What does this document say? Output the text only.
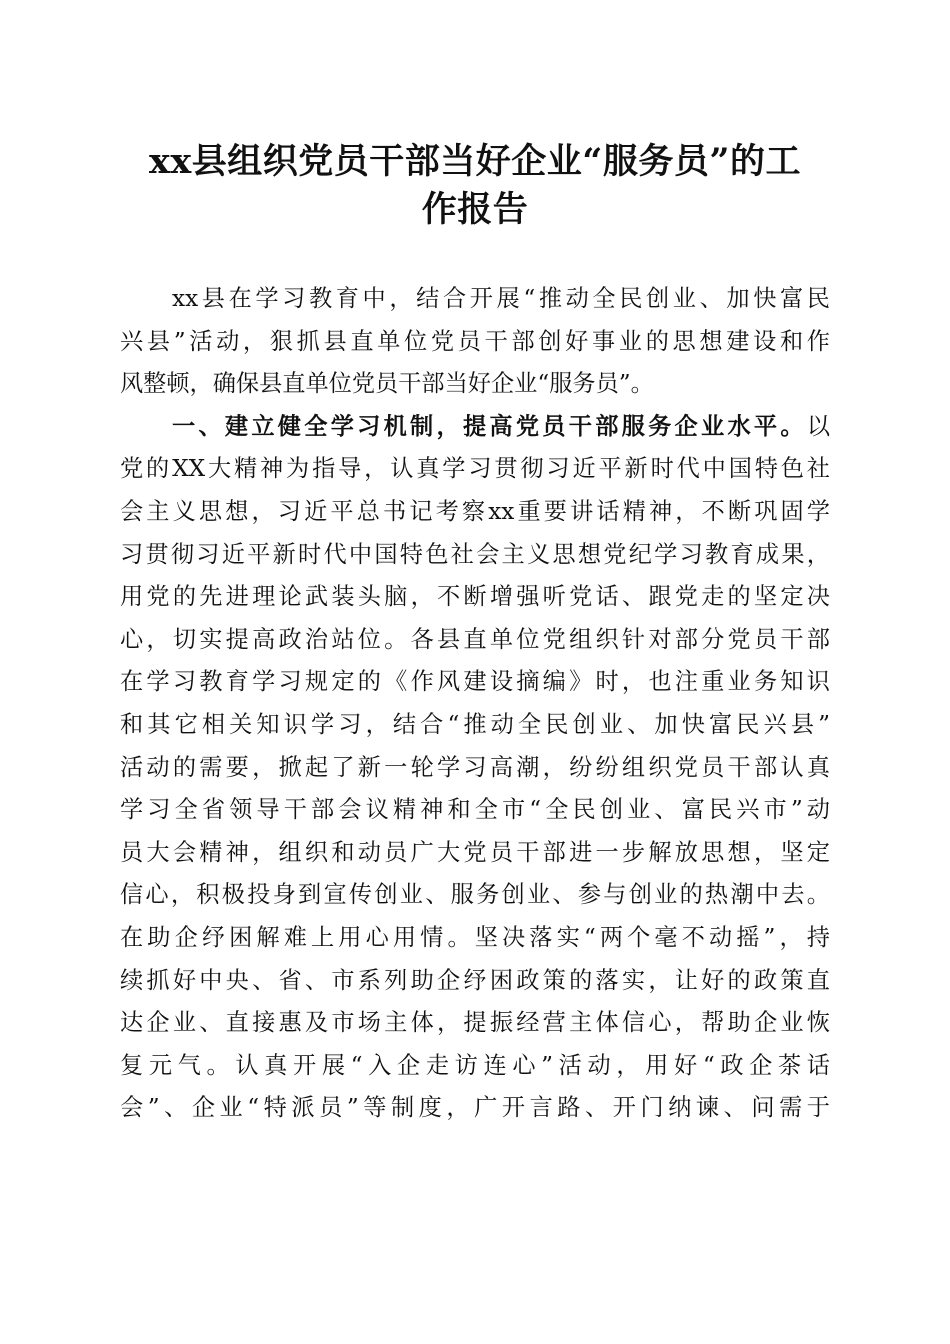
xx县组织党员干部当好企业“服务员”的工
作报告
xx县在学习教育中，结合开展“推动全民创业、加快富民
兴县”活动，狠抓县直单位党员干部创好事业的思想建设和作
风整顿，确保县直单位党员干部当好企业“服务员”。
一、建立健全学习机制，提高党员干部服务企业水平。以
党的XX大精神为指导，认真学习贯彻习近平新时代中国特色社
会主义思想，习近平总书记考察xx重要讲话精神，不断巩固学
习贯彻习近平新时代中国特色社会主义思想党纪学习教育成果，
用党的先进理论武装头脑，不断增强听党话、跟党走的坚定决
心，切实提高政治站位。各县直单位党组织针对部分党员干部
在学习教育学习规定的《作风建设摘编》时，也注重业务知识
和其它相关知识学习，结合“推动全民创业、加快富民兴县”
活动的需要，掀起了新一轮学习高潮，纷纷组织党员干部认真
学习全省领导干部会议精神和全市“全民创业、富民兴市”动
员大会精神，组织和动员广大党员干部进一步解放思想，坚定
信心，积极投身到宣传创业、服务创业、参与创业的热潮中去。
在助企纾困解难上用心用情。坚决落实“两个毫不动摇”，持
续抓好中央、省、市系列助企纾困政策的落实，让好的政策直
达企业、直接惠及市场主体，提振经营主体信心，帮助企业恢
复元气。认真开展“入企走访连心”活动，用好“政企茶话
会”、企业“特派员”等制度，广开言路、开门纳谏、问需于
